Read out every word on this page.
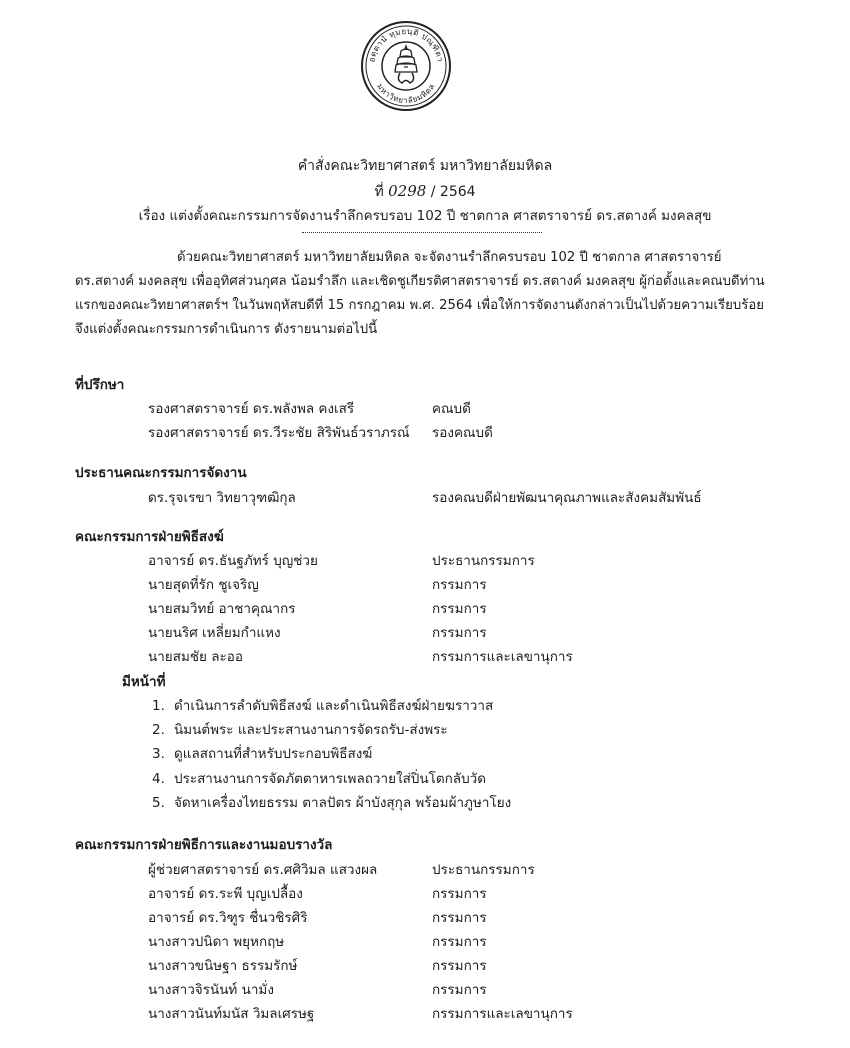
อตฺตานํ ทุมยนฺติ ปณฺฑิตา
มหาวิทยาลัยมหิดล
คำสั่งคณะวิทยาศาสตร์ มหาวิทยาลัยมหิดล
ที่ 0298 / 2564
เรื่อง แต่งตั้งคณะกรรมการจัดงานรำลึกครบรอบ 102 ปี ชาตกาล ศาสตราจารย์ ดร.สตางค์ มงคลสุข
ด้วยคณะวิทยาศาสตร์ มหาวิทยาลัยมหิดล จะจัดงานรำลึกครบรอบ 102 ปี ชาตกาล ศาสตราจารย์
ดร.สตางค์ มงคลสุข เพื่ออุทิศส่วนกุศล น้อมรำลึก และเชิดชูเกียรติศาสตราจารย์ ดร.สตางค์ มงคลสุข ผู้ก่อตั้งและคณบดีท่าน
แรกของคณะวิทยาศาสตร์ฯ ในวันพฤหัสบดีที่ 15 กรกฎาคม พ.ศ. 2564 เพื่อให้การจัดงานดังกล่าวเป็นไปด้วยความเรียบร้อย
จึงแต่งตั้งคณะกรรมการดำเนินการ ดังรายนามต่อไปนี้
ที่ปรึกษา
รองศาสตราจารย์ ดร.พลังพล คงเสรี	คณบดี
รองศาสตราจารย์ ดร.วีระชัย สิริพันธ์วราภรณ์ รองคณบดี
ประธานคณะกรรมการจัดงาน
ดร.รุจเรขา วิทยาวุฑฒิกุล	รองคณบดีฝ่ายพัฒนาคุณภาพและสังคมสัมพันธ์
คณะกรรมการฝ่ายพิธีสงฆ์
อาจารย์ ดร.ธันฐภัทร์ บุญช่วย	ประธานกรรมการ
นายสุดที่รัก ชูเจริญ	กรรมการ
นายสมวิทย์ อาชาคุณากร	กรรมการ
นายนริศ เหลี่ยมกำแหง	กรรมการ
นายสมชัย ละออ	กรรมการและเลขานุการ
มีหน้าที่
1. ดำเนินการลำดับพิธีสงฆ์ และดำเนินพิธีสงฆ์ฝ่ายฆราวาส
2. นิมนต์พระ และประสานงานการจัดรถรับ-ส่งพระ
3. ดูแลสถานที่สำหรับประกอบพิธีสงฆ์
4. ประสานงานการจัดภัตตาหารเพลถวายใส่ปิ่นโตกลับวัด
5. จัดหาเครื่องไทยธรรม ตาลปัตร ผ้าบังสุกุล พร้อมผ้าภูษาโยง
คณะกรรมการฝ่ายพิธีการและงานมอบรางวัล
ผู้ช่วยศาสตราจารย์ ดร.ศศิวิมล แสวงผล	ประธานกรรมการ
อาจารย์ ดร.ระพี บุญเปลื้อง	กรรมการ
อาจารย์ ดร.วิฑูร ชื่นวชิรศิริ	กรรมการ
นางสาวปนิดา พยุหกฤษ	กรรมการ
นางสาวขนิษฐา ธรรมรักษ์	กรรมการ
นางสาวจิรนันท์ นามั่ง	กรรมการ
นางสาวนันท์มนัส วิมลเศรษฐ	กรรมการและเลขานุการ
